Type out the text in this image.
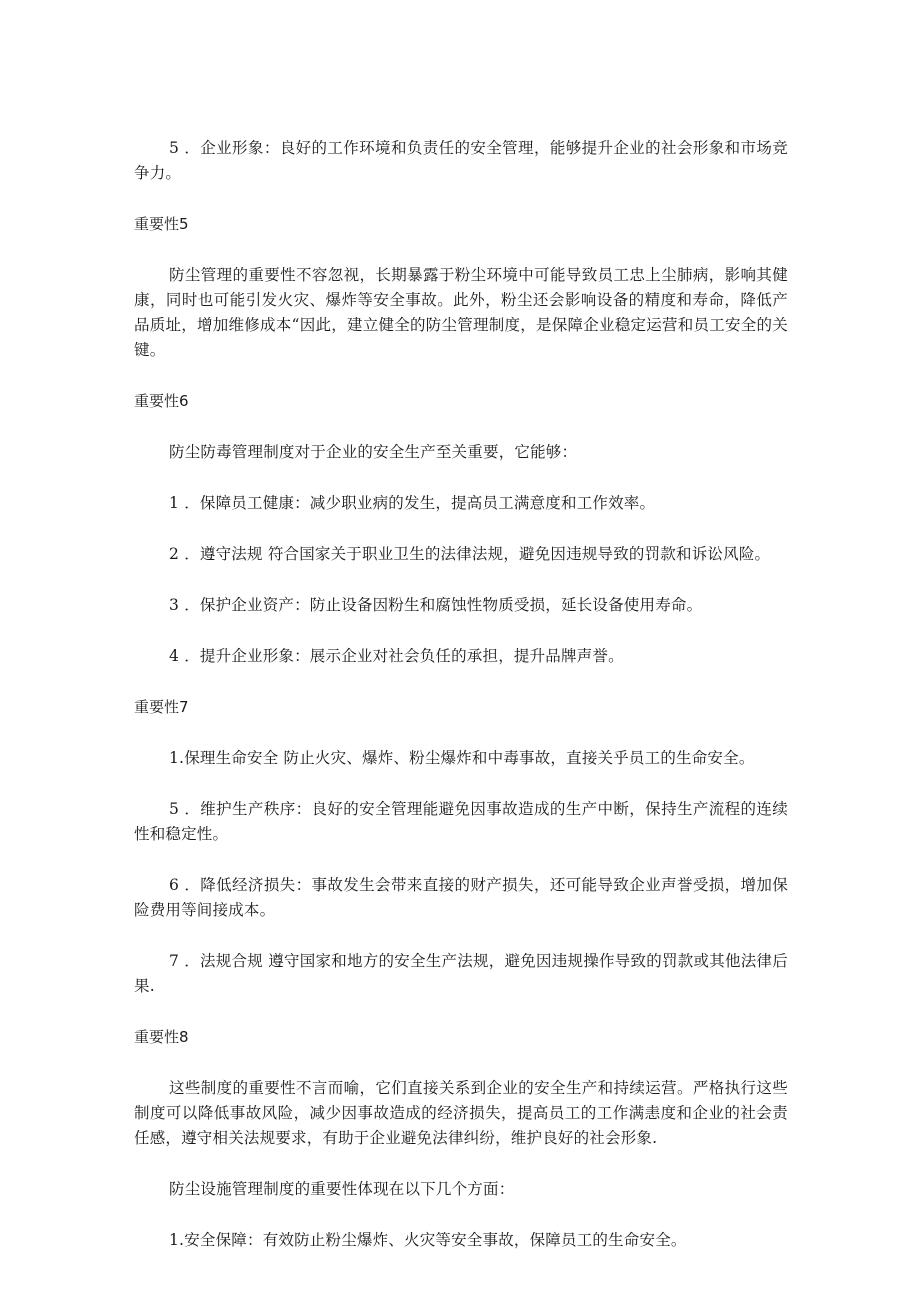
5 ．企业形象：良好的工作环境和负责任的安全管理，能够提升企业的社会形象和市场竞争力。

重要性5

防尘管理的重要性不容忽视，长期暴露于粉尘环境中可能导致员工忠上尘肺病，影响其健康，同时也可能引发火灾、爆炸等安全事故。此外，粉尘还会影响设备的精度和寿命，降低产品质址，增加维修成本“因此，建立健全的防尘管理制度，是保障企业稳定运营和员工安全的关键。

重要性6

防尘防毒管理制度对于企业的安全生产至关重要，它能够：

1 ．保障员工健康：减少职业病的发生，提高员工满意度和工作效率。

2 ．遵守法规 符合国家关于职业卫生的法律法规，避免因违规导致的罚款和诉讼风险。

3 ．保护企业资产：防止设备因粉生和腐蚀性物质受损，延长设备使用寿命。

4 ．提升企业形象：展示企业对社会负任的承担，提升品牌声誉。

重要性7

1.保理生命安全 防止火灾、爆炸、粉尘爆炸和中毒事故，直接关乎员工的生命安全。

5 ．维护生产秩序：良好的安全管理能避免因事故造成的生产中断，保持生产流程的连续性和稳定性。

6 ．降低经济损失：事故发生会带来直接的财产损失，还可能导致企业声誉受损，增加保险费用等间接成本。

7 ．法规合规 遵守国家和地方的安全生产法规，避免因违规操作导致的罚款或其他法律后果.

重要性8

这些制度的重要性不言而喻，它们直接关系到企业的安全生产和持续运营。严格执行这些制度可以降低事故风险，减少因事故造成的经济损失，提高员工的工作满恚度和企业的社会责任感，遵守相关法规要求，有助于企业避免法律纠纷，维护良好的社会形象.

防尘设施管理制度的重要性体现在以下几个方面：

1.安全保障：有效防止粉尘爆炸、火灾等安全事故，保障员工的生命安全。
